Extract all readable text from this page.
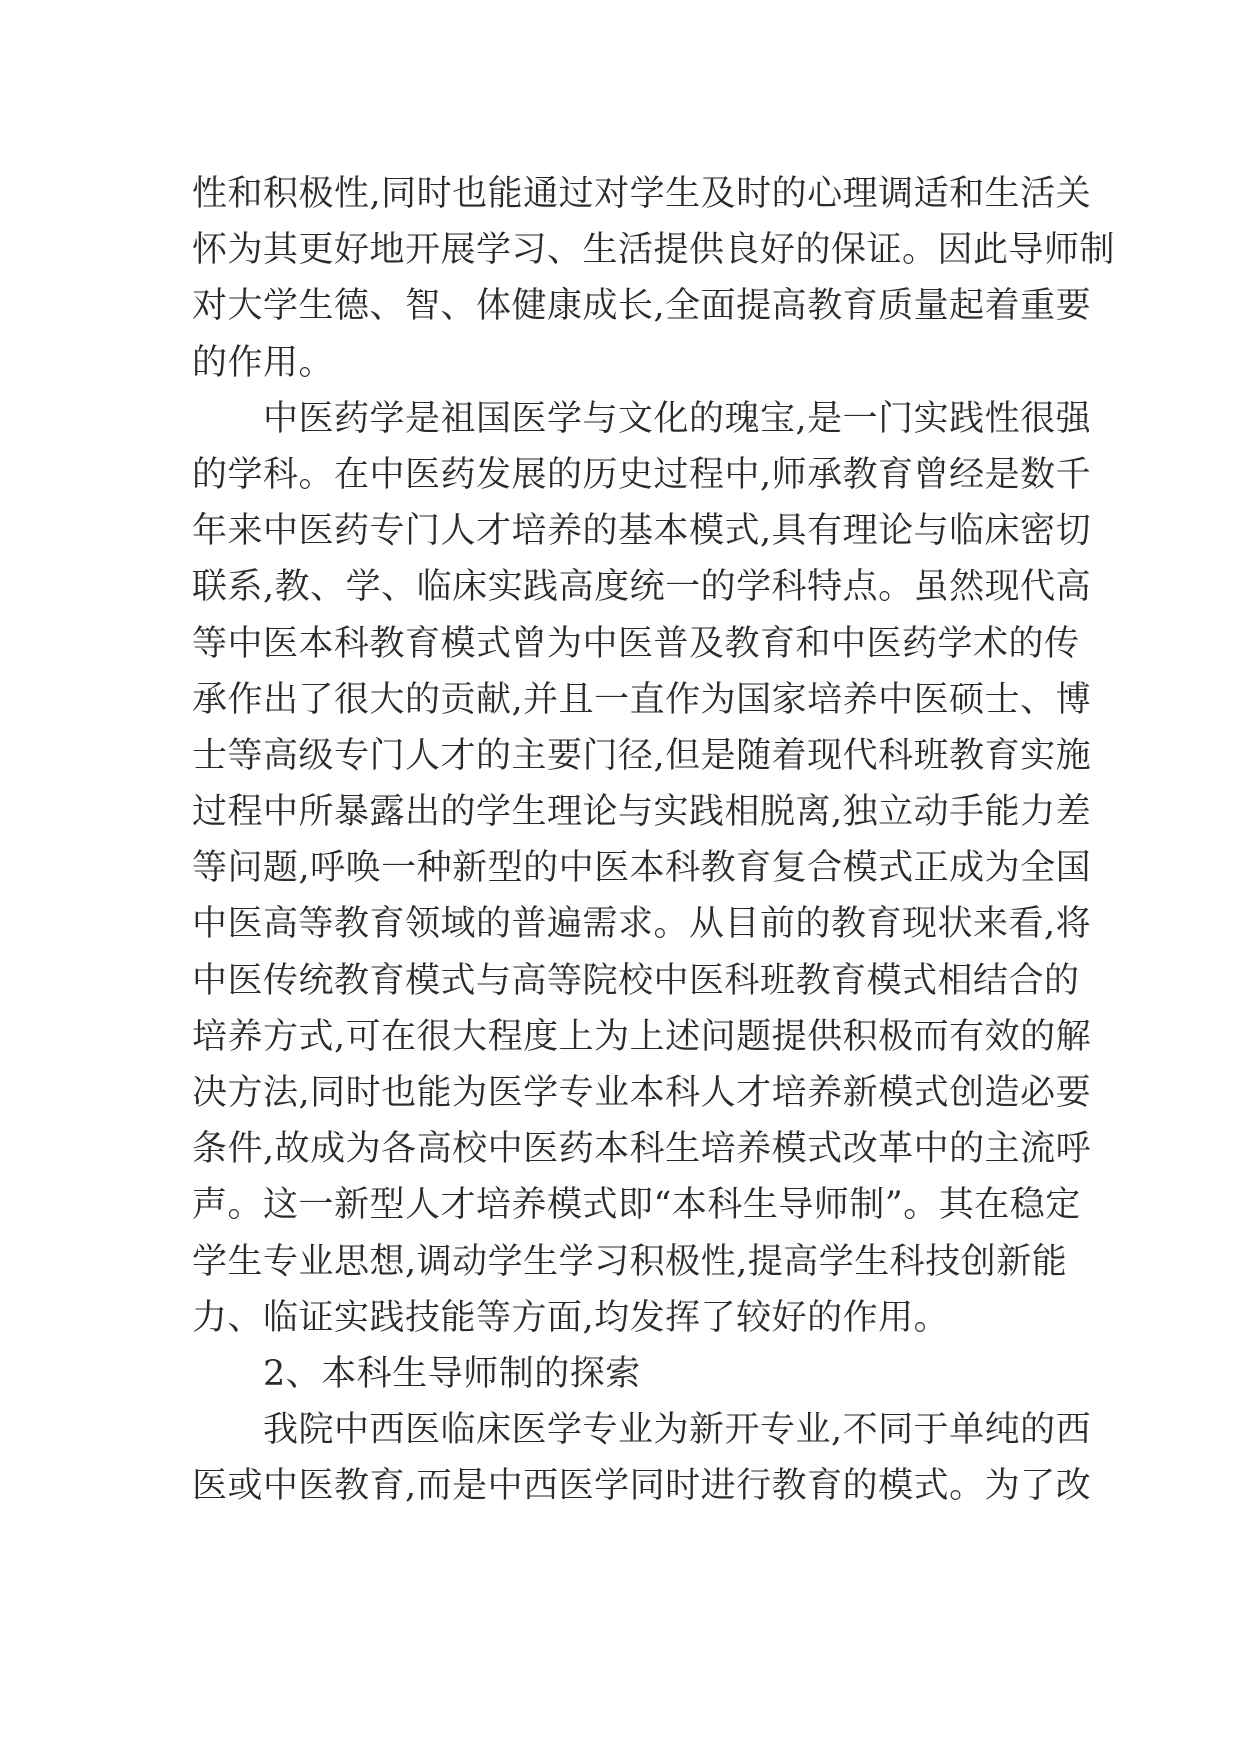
性和积极性,同时也能通过对学生及时的心理调适和生活关
怀为其更好地开展学习、生活提供良好的保证。因此导师制
对大学生德、智、体健康成长,全面提高教育质量起着重要
的作用。
　　中医药学是祖国医学与文化的瑰宝,是一门实践性很强
的学科。在中医药发展的历史过程中,师承教育曾经是数千
年来中医药专门人才培养的基本模式,具有理论与临床密切
联系,教、学、临床实践高度统一的学科特点。虽然现代高
等中医本科教育模式曾为中医普及教育和中医药学术的传
承作出了很大的贡献,并且一直作为国家培养中医硕士、博
士等高级专门人才的主要门径,但是随着现代科班教育实施
过程中所暴露出的学生理论与实践相脱离,独立动手能力差
等问题,呼唤一种新型的中医本科教育复合模式正成为全国
中医高等教育领域的普遍需求。从目前的教育现状来看,将
中医传统教育模式与高等院校中医科班教育模式相结合的
培养方式,可在很大程度上为上述问题提供积极而有效的解
决方法,同时也能为医学专业本科人才培养新模式创造必要
条件,故成为各高校中医药本科生培养模式改革中的主流呼
声。这一新型人才培养模式即“本科生导师制”。其在稳定
学生专业思想,调动学生学习积极性,提高学生科技创新能
力、临证实践技能等方面,均发挥了较好的作用。
　　2、本科生导师制的探索
　　我院中西医临床医学专业为新开专业,不同于单纯的西
医或中医教育,而是中西医学同时进行教育的模式。为了改
